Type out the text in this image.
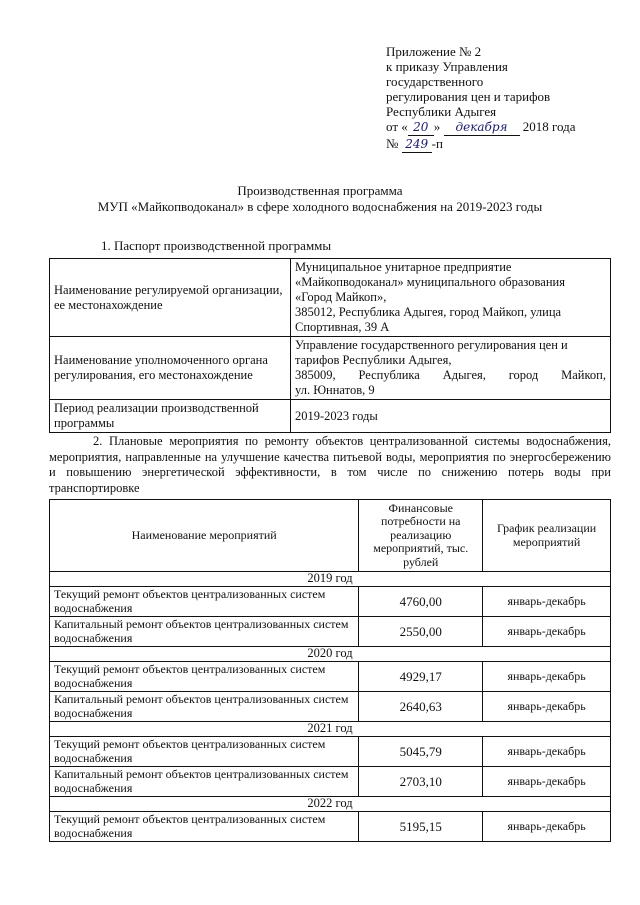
Приложение № 2
к приказу Управления
государственного
регулирования цен и тарифов
Республики Адыгея
от « 20 » декабря 2018 года
№ 249 -п
Производственная программа
МУП «Майкопводоканал» в сфере холодного водоснабжения на 2019-2023 годы
1. Паспорт производственной программы
Наименование регулируемой организации, ее местонахождение	Муниципальное унитарное предприятие
«Майкопводоканал» муниципального образования
«Город Майкоп»,
385012, Республика Адыгея, город Майкоп, улица
Спортивная, 39 А

Наименование уполномоченного органа регулирования, его местонахождение	Управление государственного регулирования цен и
тарифов Республики Адыгея,
385009, Республика Адыгея, город Майкоп,
ул. Юннатов, 9

Период реализации производственной программы	2019-2023 годы
2. Плановые мероприятия по ремонту объектов централизованной системы водоснабжения, мероприятия, направленные на улучшение качества питьевой воды, мероприятия по энергосбережению и повышению энергетической эффективности, в том числе по снижению потерь воды при транспортировке
Наименование мероприятий	Финансовые потребности на реализацию мероприятий, тыс. рублей	График реализации мероприятий
2019 год		
Текущий ремонт объектов централизованных систем водоснабжения	4760,00	январь-декабрь
Капитальный ремонт объектов централизованных систем водоснабжения	2550,00	январь-декабрь
2020 год		
Текущий ремонт объектов централизованных систем водоснабжения	4929,17	январь-декабрь
Капитальный ремонт объектов централизованных систем водоснабжения	2640,63	январь-декабрь
2021 год		
Текущий ремонт объектов централизованных систем водоснабжения	5045,79	январь-декабрь
Капитальный ремонт объектов централизованных систем водоснабжения	2703,10	январь-декабрь
2022 год		
Текущий ремонт объектов централизованных систем водоснабжения	5195,15	январь-декабрь
